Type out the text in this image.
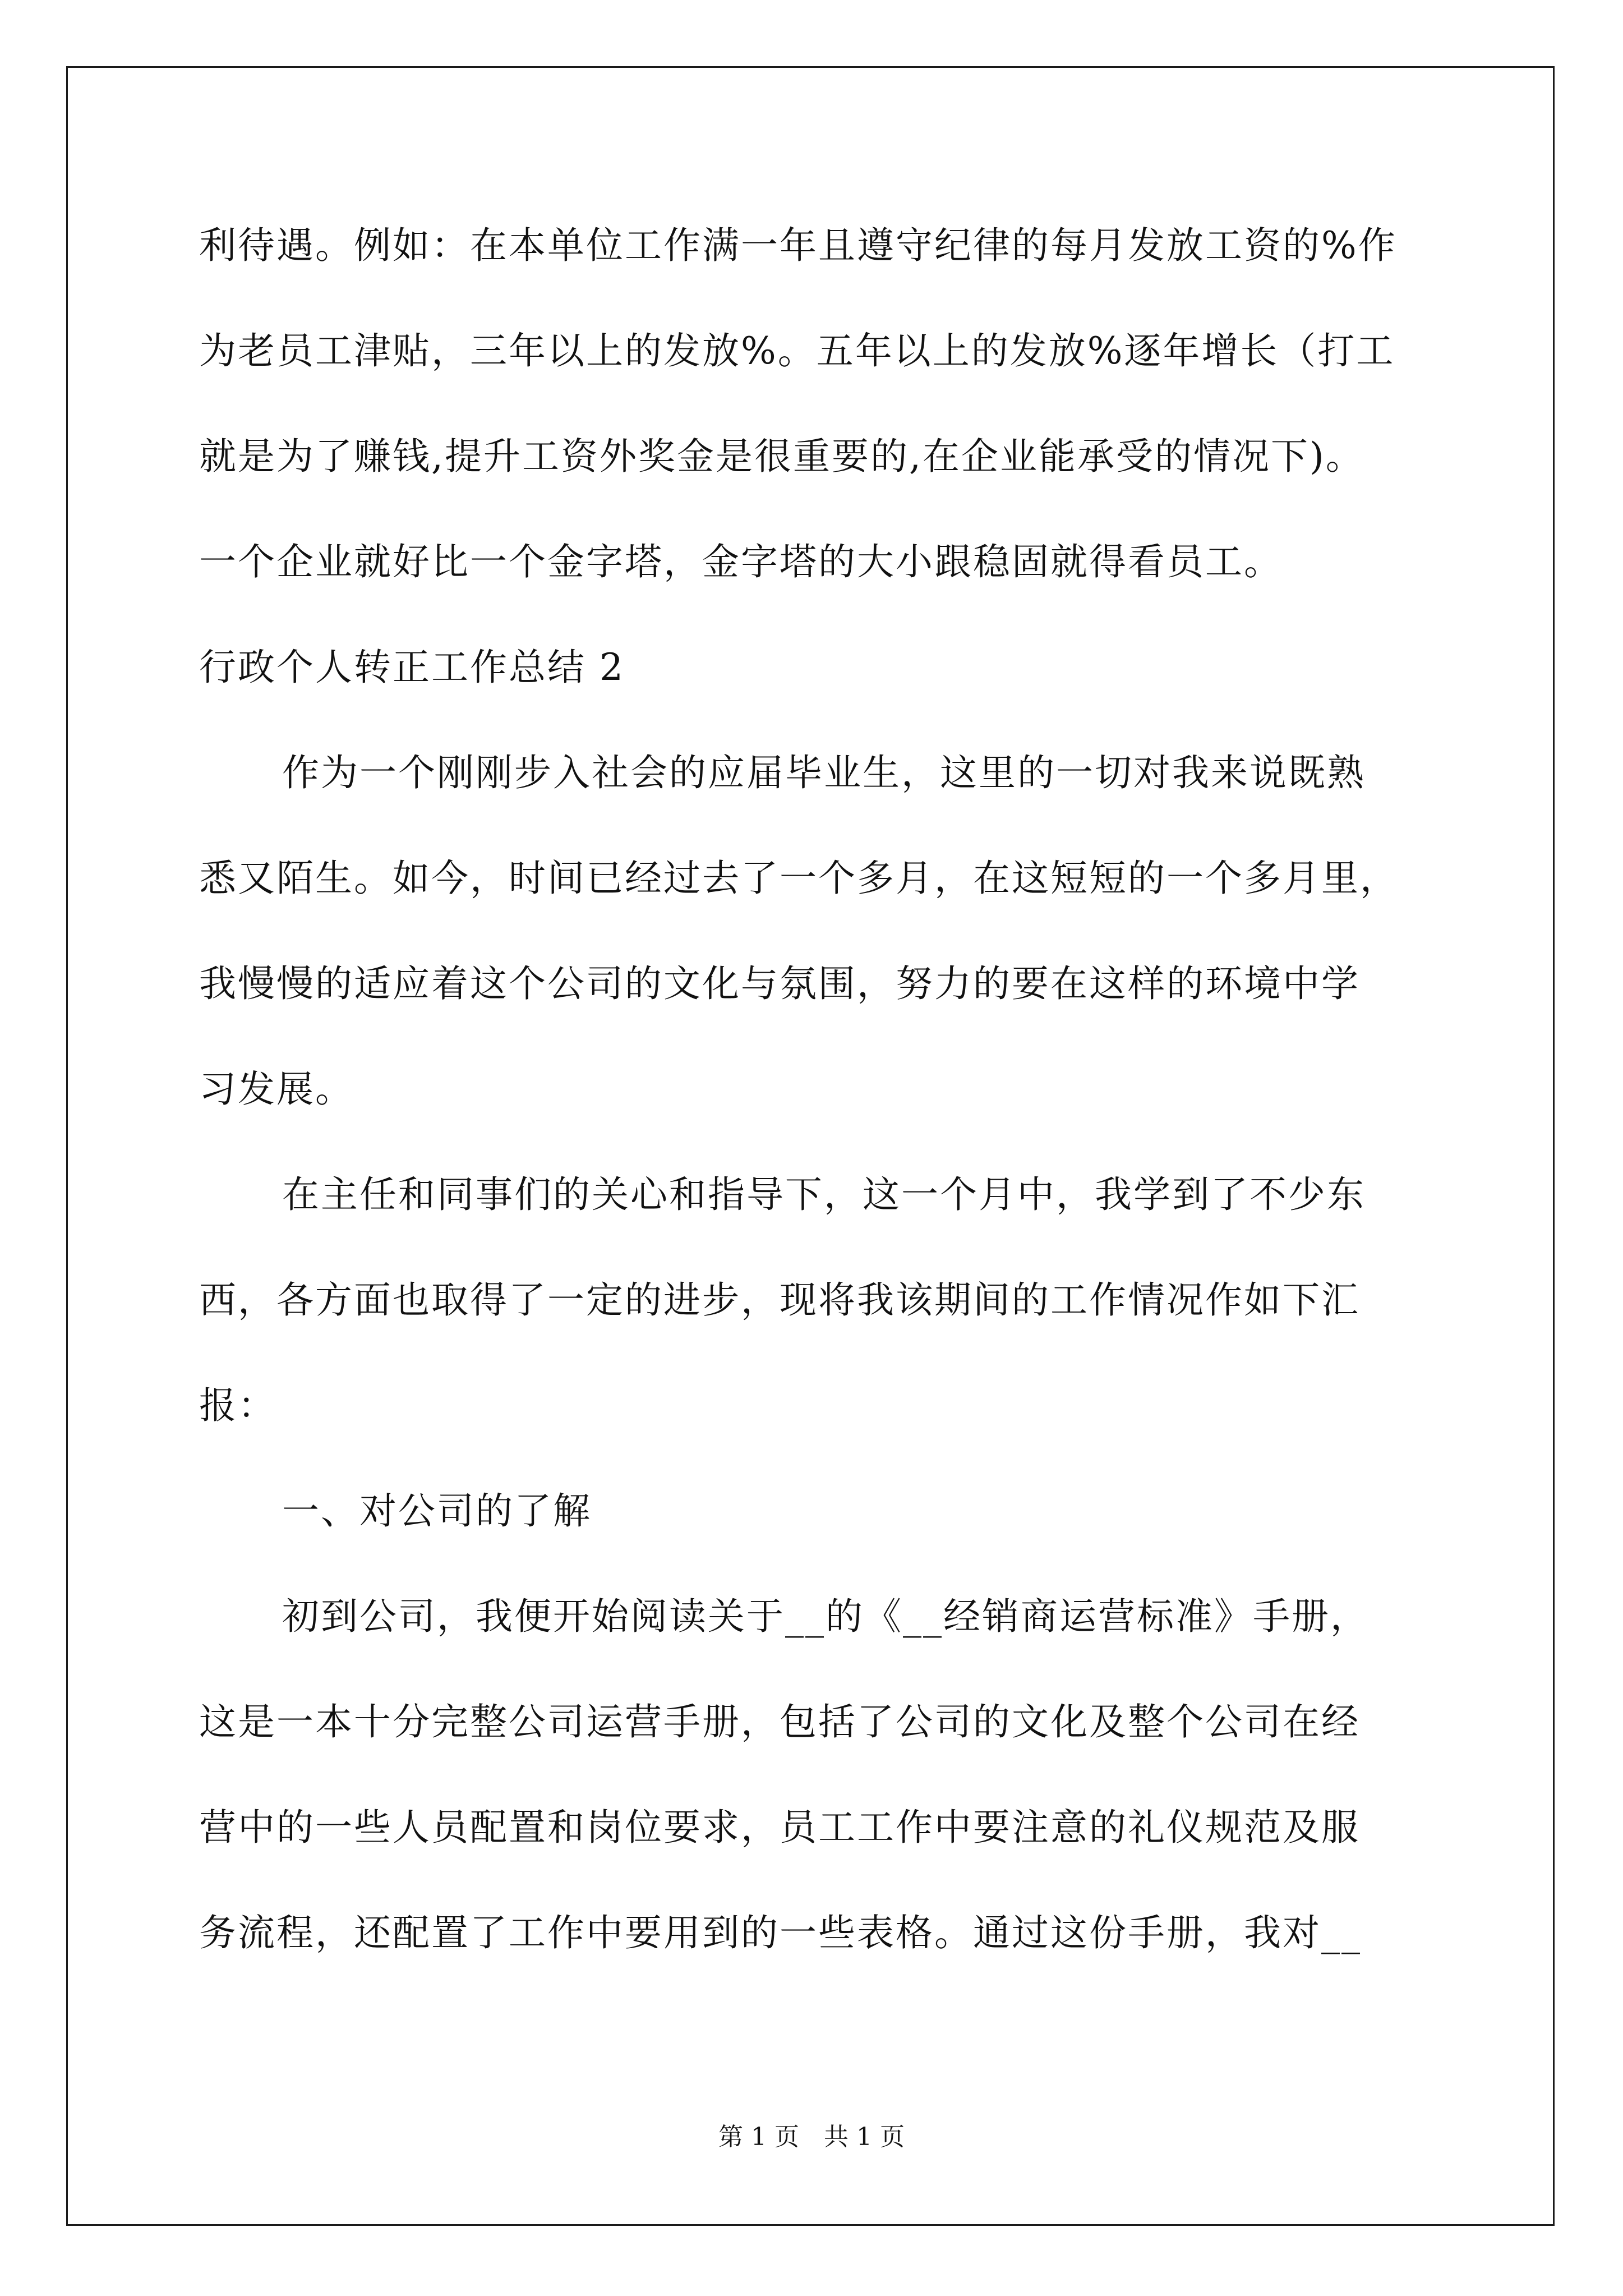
利待遇。例如：在本单位工作满一年且遵守纪律的每月发放工资的%作
为老员工津贴，三年以上的发放%。五年以上的发放%逐年增长（打工
就是为了赚钱,提升工资外奖金是很重要的,在企业能承受的情况下)。
一个企业就好比一个金字塔，金字塔的大小跟稳固就得看员工。
行政个人转正工作总结 2
作为一个刚刚步入社会的应届毕业生，这里的一切对我来说既熟
悉又陌生。如今，时间已经过去了一个多月，在这短短的一个多月里，
我慢慢的适应着这个公司的文化与氛围，努力的要在这样的环境中学
习发展。
在主任和同事们的关心和指导下，这一个月中，我学到了不少东
西，各方面也取得了一定的进步，现将我该期间的工作情况作如下汇
报：
一、对公司的了解
初到公司，我便开始阅读关于__的《__经销商运营标准》手册，
这是一本十分完整公司运营手册，包括了公司的文化及整个公司在经
营中的一些人员配置和岗位要求，员工工作中要注意的礼仪规范及服
务流程，还配置了工作中要用到的一些表格。通过这份手册，我对__
第 1 页　共 1 页
